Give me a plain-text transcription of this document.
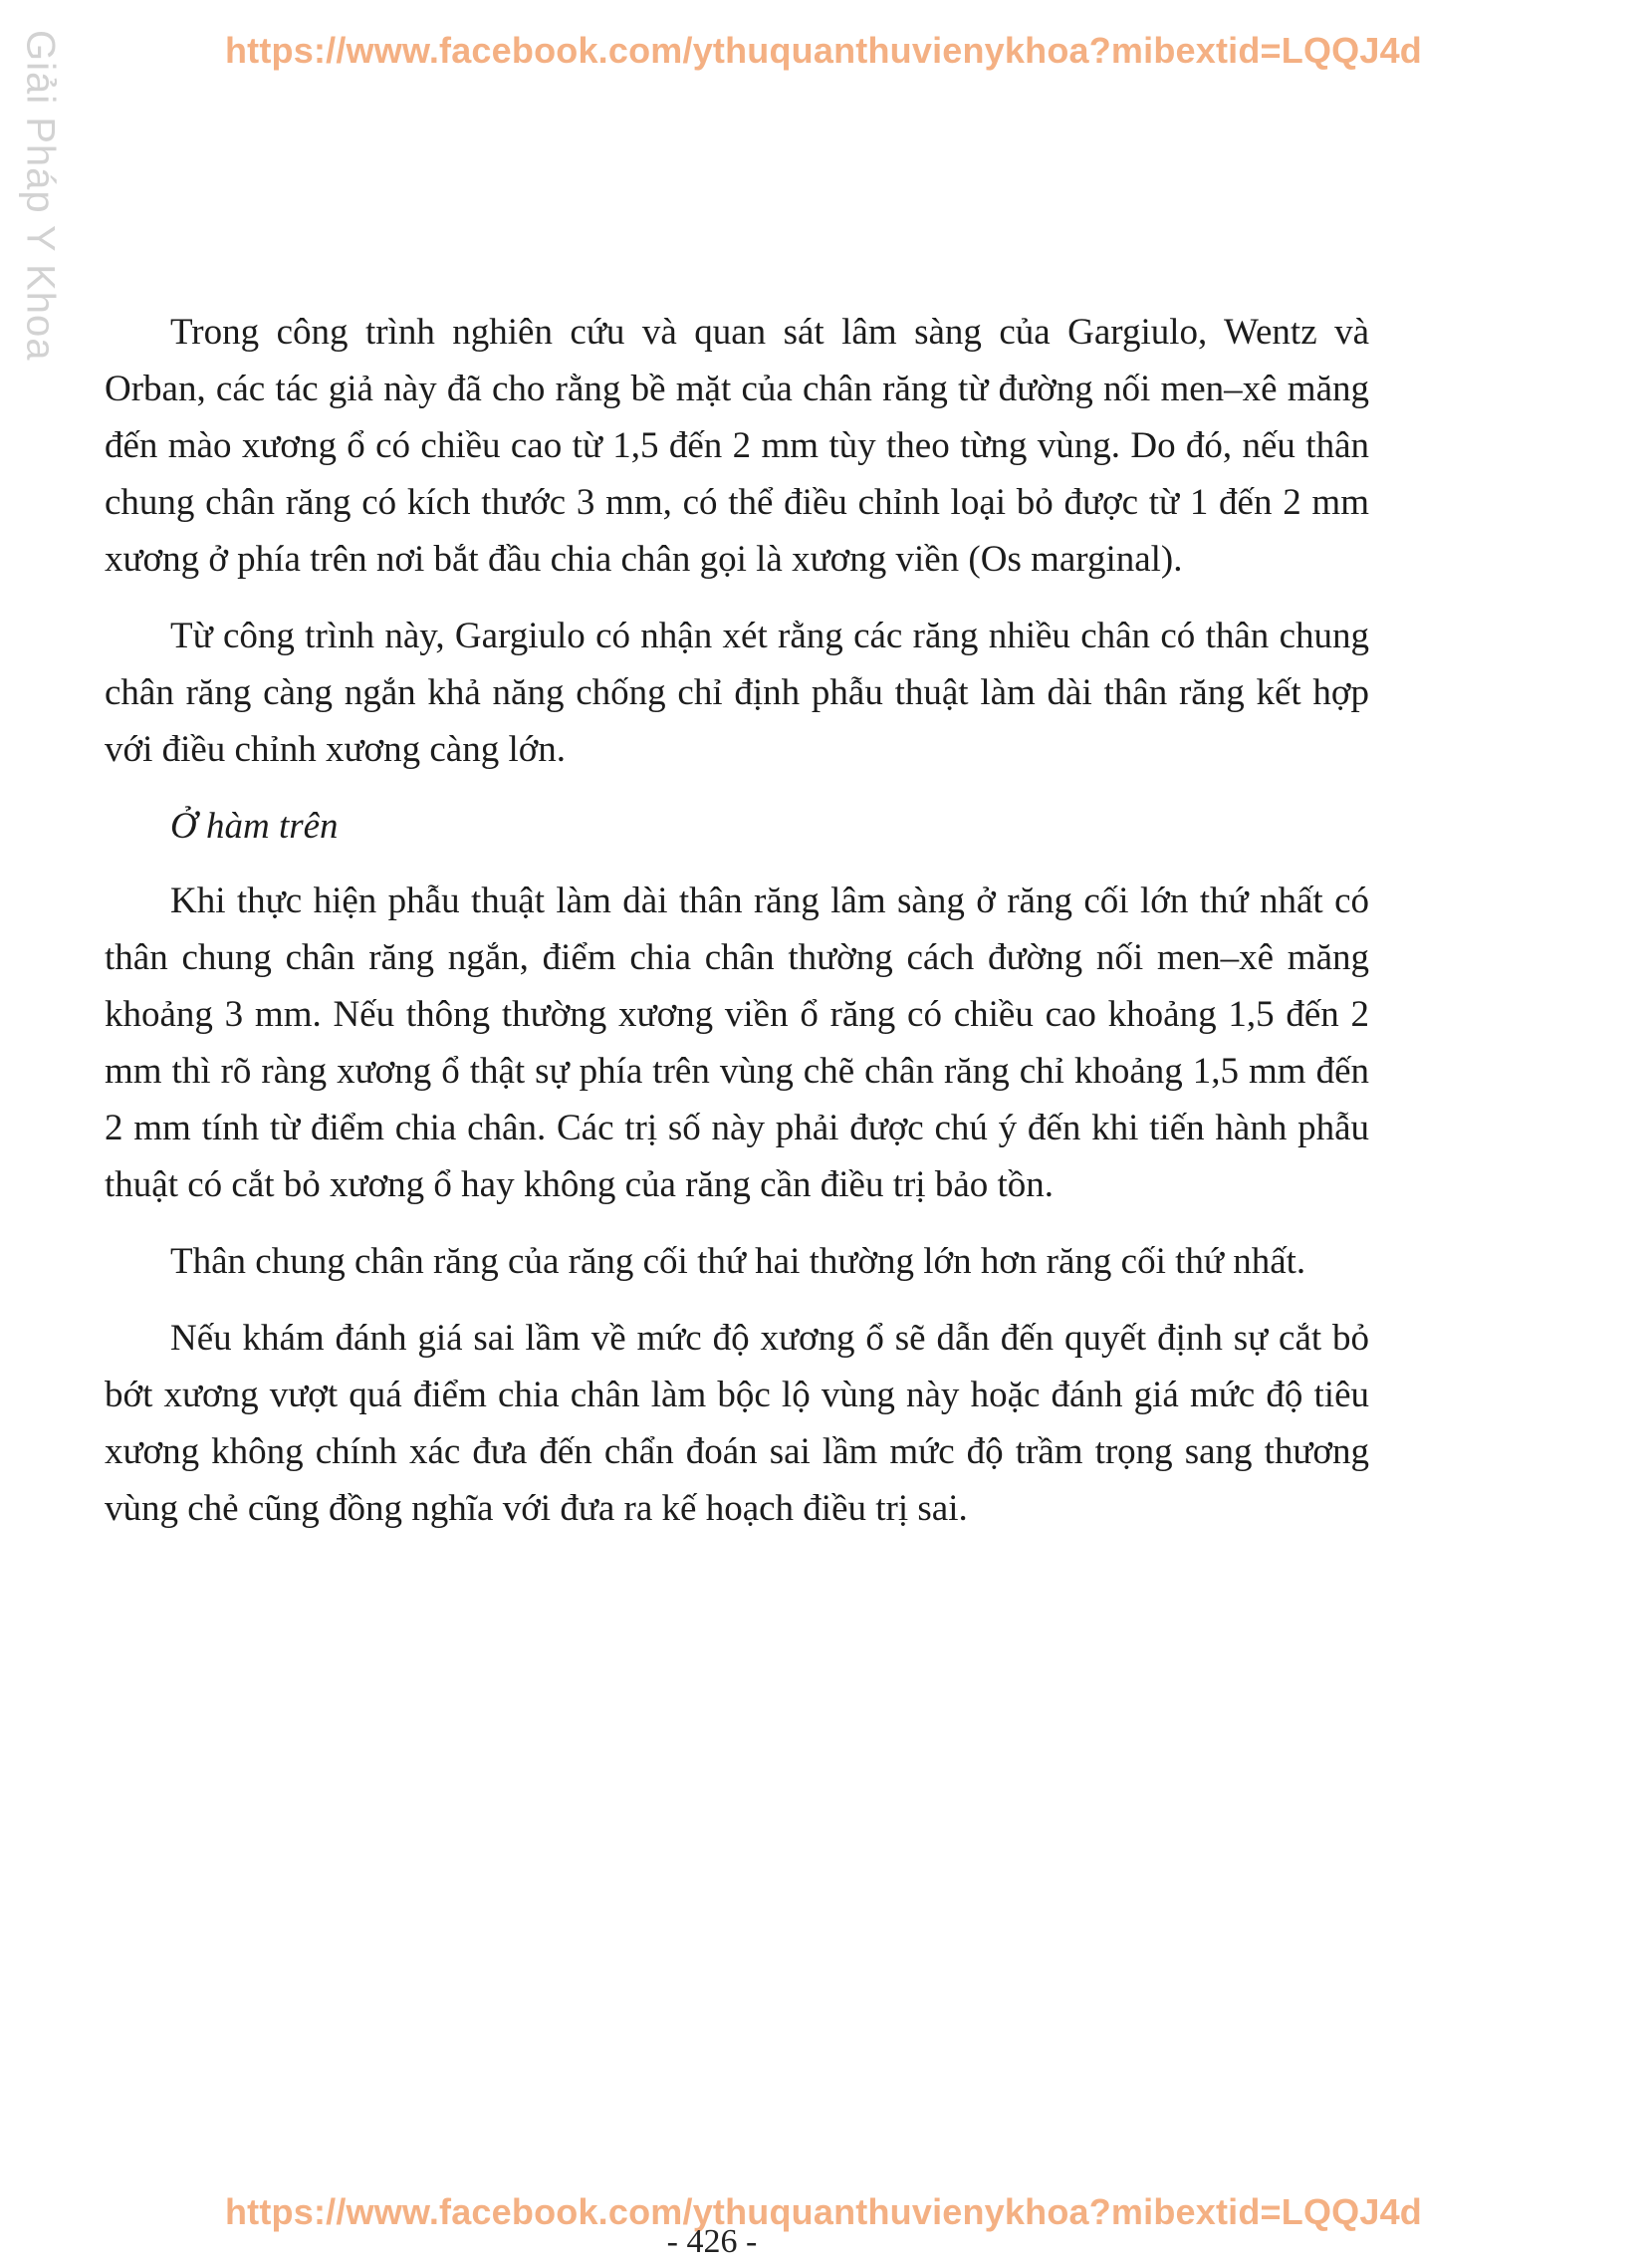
https://www.facebook.com/ythuquanthuvienykhoa?mibextid=LQQJ4d
Giải Pháp Y Khoa	Trong công trình nghiên cứu và quan sát lâm sàng của Gargiulo, Wentz và Orban, các tác giả này đã cho rằng bề mặt của chân răng từ đường nối men–xê măng đến mào xương ổ có chiều cao từ 1,5 đến 2 mm tùy theo từng vùng. Do đó, nếu thân chung chân răng có kích thước 3 mm, có thể điều chỉnh loại bỏ được từ 1 đến 2 mm xương ở phía trên nơi bắt đầu chia chân gọi là xương viền (Os marginal).

Từ công trình này, Gargiulo có nhận xét rằng các răng nhiều chân có thân chung chân răng càng ngắn khả năng chống chỉ định phẫu thuật làm dài thân răng kết hợp với điều chỉnh xương càng lớn.

Ở hàm trên

Khi thực hiện phẫu thuật làm dài thân răng lâm sàng ở răng cối lớn thứ nhất có thân chung chân răng ngắn, điểm chia chân thường cách đường nối men–xê măng khoảng 3 mm. Nếu thông thường xương viền ổ răng có chiều cao khoảng 1,5 đến 2 mm thì rõ ràng xương ổ thật sự phía trên vùng chẽ chân răng chỉ khoảng 1,5 mm đến 2 mm tính từ điểm chia chân. Các trị số này phải được chú ý đến khi tiến hành phẫu thuật có cắt bỏ xương ổ hay không của răng cần điều trị bảo tồn.

Thân chung chân răng của răng cối thứ hai thường lớn hơn răng cối thứ nhất.

Nếu khám đánh giá sai lầm về mức độ xương ổ sẽ dẫn đến quyết định sự cắt bỏ bớt xương vượt quá điểm chia chân làm bộc lộ vùng này hoặc đánh giá mức độ tiêu xương không chính xác đưa đến chẩn đoán sai lầm mức độ trầm trọng sang thương vùng chẻ cũng đồng nghĩa với đưa ra kế hoạch điều trị sai.

https://www.facebook.com/ythuquanthuvienykhoa?mibextid=LQQJ4d
- 426 -
